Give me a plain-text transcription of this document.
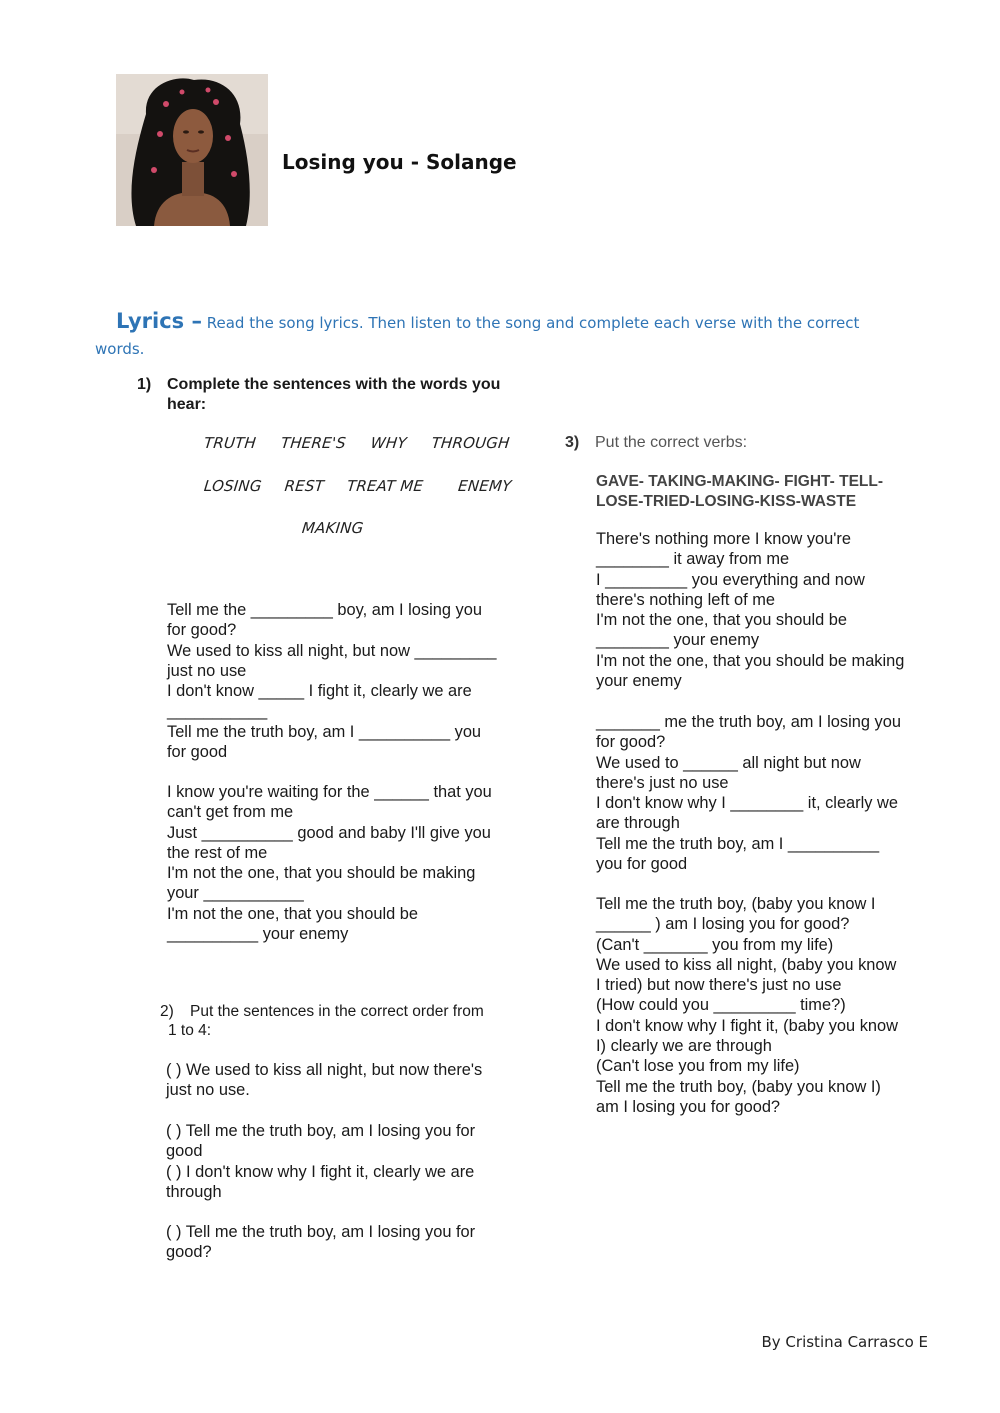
Losing you - Solange
Lyrics – Read the song lyrics. Then listen to the song and complete each verse with the correct words.
1) Complete the sentences with the words you hear:
TRUTH THERE'S WHY THROUGH
LOSING REST TREAT ME ENEMY
MAKING
Tell me the _________ boy, am I losing you
for good?
We used to kiss all night, but now _________
just no use
I don't know _____ I fight it, clearly we are
___________
Tell me the truth boy, am I __________ you
for good
I know you're waiting for the ______ that you
can't get from me
Just __________ good and baby I'll give you
the rest of me
I'm not the one, that you should be making
your ___________
I'm not the one, that you should be
__________ your enemy
2) Put the sentences in the correct order from
1 to 4:
( ) We used to kiss all night, but now there's
just no use.
( ) Tell me the truth boy, am I losing you for
good
( ) I don't know why I fight it, clearly we are
through
( ) Tell me the truth boy, am I losing you for
good?
3) Put the correct verbs:
GAVE- TAKING-MAKING- FIGHT- TELL-
LOSE-TRIED-LOSING-KISS-WASTE
There's nothing more I know you're
________ it away from me
I _________ you everything and now
there's nothing left of me
I'm not the one, that you should be
________ your enemy
I'm not the one, that you should be making
your enemy
_______ me the truth boy, am I losing you
for good?
We used to ______ all night but now
there's just no use
I don't know why I ________ it, clearly we
are through
Tell me the truth boy, am I __________
you for good
Tell me the truth boy, (baby you know I
______ ) am I losing you for good?
(Can't _______ you from my life)
We used to kiss all night, (baby you know
I tried) but now there's just no use
(How could you _________ time?)
I don't know why I fight it, (baby you know
I) clearly we are through
(Can't lose you from my life)
Tell me the truth boy, (baby you know I)
am I losing you for good?
By Cristina Carrasco E
